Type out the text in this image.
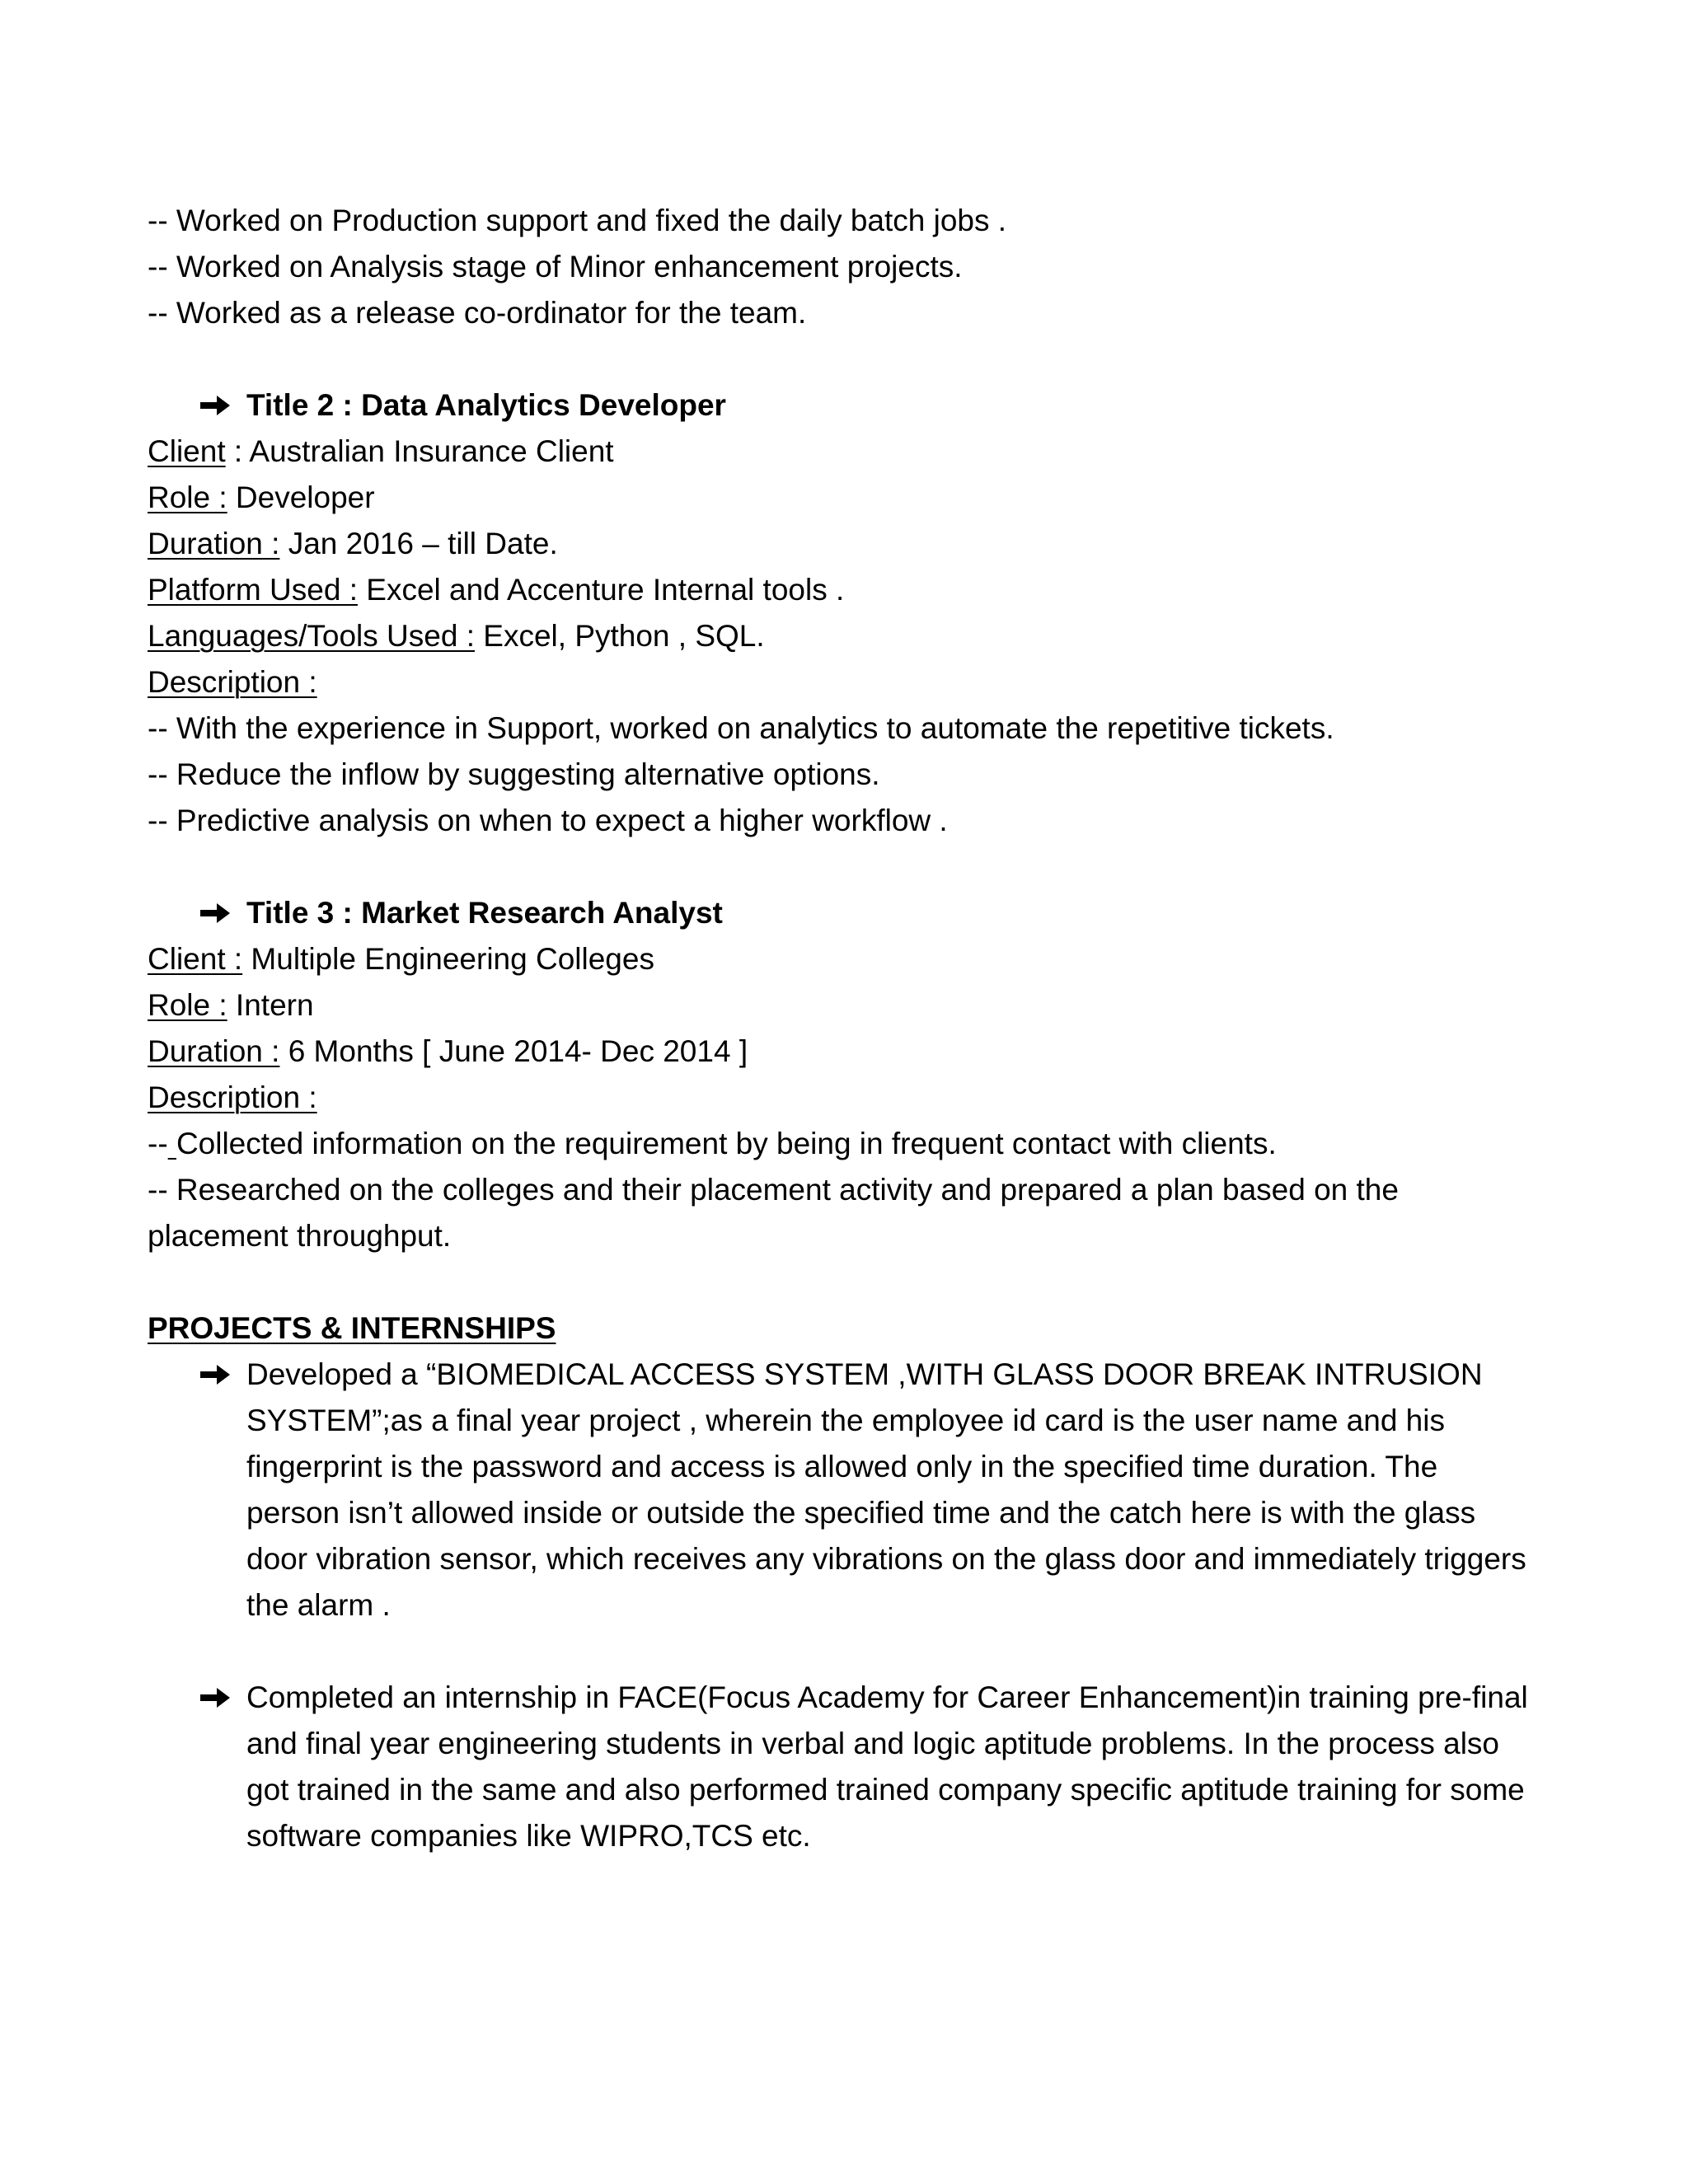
-- Worked on Production support and fixed the daily batch jobs .
-- Worked on Analysis stage of Minor enhancement projects.
-- Worked as a release co-ordinator for the team.
Title 2 : Data Analytics Developer
Client : Australian Insurance Client
Role : Developer
Duration : Jan 2016 – till Date.
Platform Used : Excel and Accenture Internal tools .
Languages/Tools Used : Excel, Python , SQL.
Description :
-- With the experience in Support, worked on analytics to automate the repetitive tickets.
-- Reduce the inflow by suggesting alternative options.
-- Predictive analysis on when to expect a higher workflow .
Title 3 : Market Research Analyst
Client : Multiple Engineering Colleges
Role : Intern
Duration : 6 Months [ June 2014- Dec 2014 ]
Description :
-- Collected information on the requirement by being in frequent contact with clients.
-- Researched on the colleges and their placement activity and prepared a plan based on the placement throughput.
PROJECTS & INTERNSHIPS
Developed a “BIOMEDICAL ACCESS SYSTEM ,WITH GLASS DOOR BREAK INTRUSION SYSTEM”;as a final year project , wherein the employee id card is the user name and his fingerprint is the password and access is allowed only in the specified time duration. The person isn’t allowed inside or outside the specified time and the catch here is with the glass door vibration sensor, which receives any vibrations on the glass door and immediately triggers the alarm .
Completed an internship in FACE(Focus Academy for Career Enhancement)in training pre-final and final year engineering students in verbal and logic aptitude problems. In the process also got trained in the same and also performed trained company specific aptitude training for some software companies like WIPRO,TCS etc.
